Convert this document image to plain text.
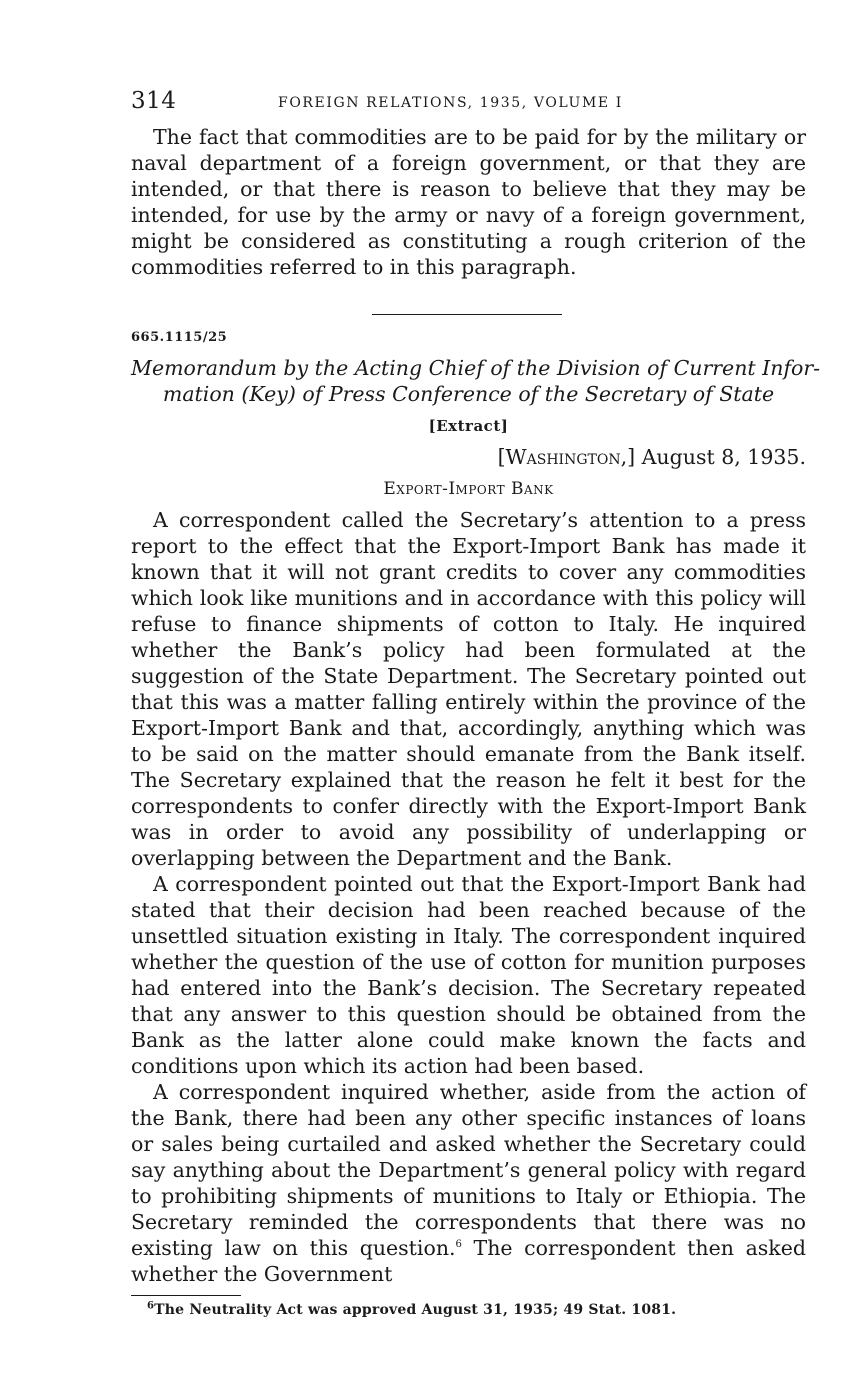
314	FOREIGN RELATIONS, 1935, VOLUME I

The fact that commodities are to be paid for by the military or naval department of a foreign government, or that they are intended, or that there is reason to believe that they may be intended, for use by the army or navy of a foreign government, might be considered as constituting a rough criterion of the commodities referred to in this paragraph.

665.1115/25
Memorandum by the Acting Chief of the Division of Current Infor-
mation (Key) of Press Conference of the Secretary of State
[Extract]
[Washington,] August 8, 1935.
Export-Import Bank

A correspondent called the Secretary’s attention to a press report to the effect that the Export-Import Bank has made it known that it will not grant credits to cover any commodities which look like munitions and in accordance with this policy will refuse to finance shipments of cotton to Italy. He inquired whether the Bank’s policy had been formulated at the suggestion of the State Department. The Secretary pointed out that this was a matter falling entirely within the province of the Export-Import Bank and that, accordingly, anything which was to be said on the matter should emanate from the Bank itself. The Secretary explained that the reason he felt it best for the correspondents to confer directly with the Export-Import Bank was in order to avoid any possibility of underlapping or overlapping between the Department and the Bank.

A correspondent pointed out that the Export-Import Bank had stated that their decision had been reached because of the unsettled situation existing in Italy. The correspondent inquired whether the question of the use of cotton for munition purposes had entered into the Bank’s decision. The Secretary repeated that any answer to this question should be obtained from the Bank as the latter alone could make known the facts and conditions upon which its action had been based.

A correspondent inquired whether, aside from the action of the Bank, there had been any other specific instances of loans or sales being curtailed and asked whether the Secretary could say anything about the Department’s general policy with regard to prohibiting shipments of munitions to Italy or Ethiopia. The Secretary reminded the correspondents that there was no existing law on this question.$^6$ The correspondent then asked whether the Government

$^6$The Neutrality Act was approved August 31, 1935; 49 Stat. 1081.
